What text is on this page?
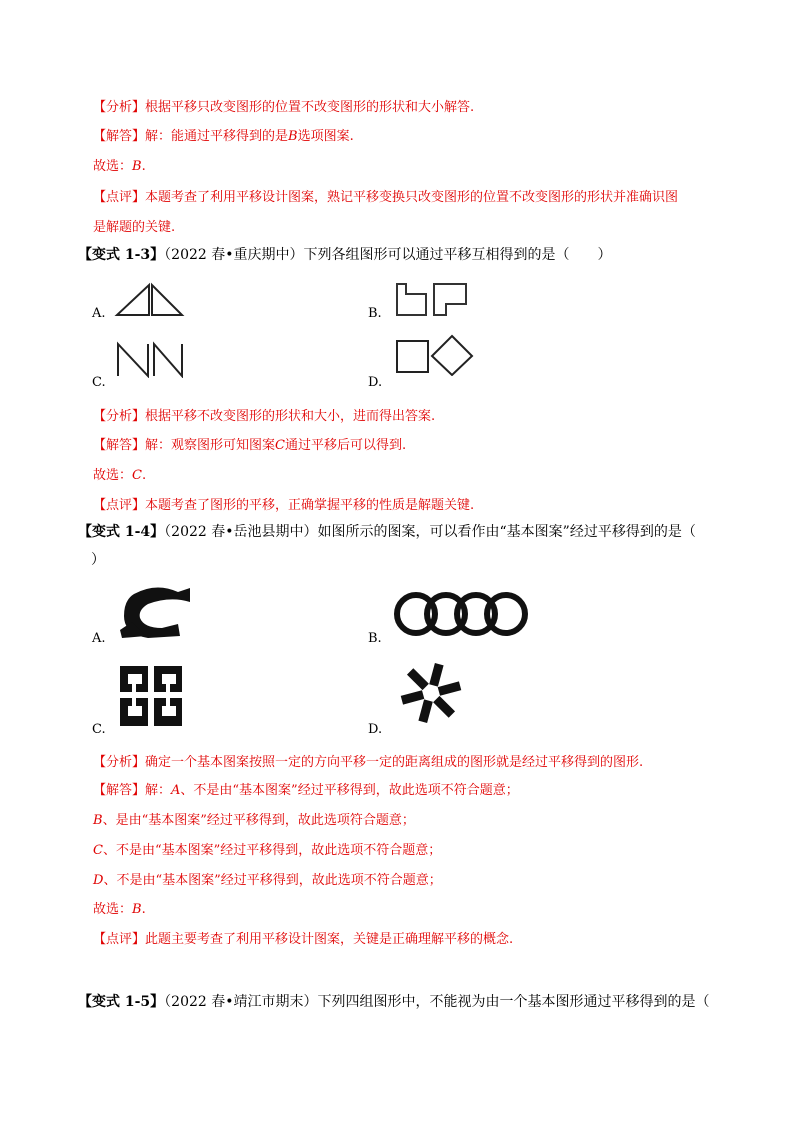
【分析】根据平移只改变图形的位置不改变图形的形状和大小解答.
【解答】解：能通过平移得到的是B选项图案.
故选：B.
【点评】本题考查了利用平移设计图案，熟记平移变换只改变图形的位置不改变图形的形状并准确识图
是解题的关键.
【变式 1-3】（2022 春•重庆期中）下列各组图形可以通过平移互相得到的是（　　）
A.	B.
C.	D.
【分析】根据平移不改变图形的形状和大小，进而得出答案.
【解答】解：观察图形可知图案C通过平移后可以得到.
故选：C.
【点评】本题考查了图形的平移，正确掌握平移的性质是解题关键.
【变式 1-4】（2022 春•岳池县期中）如图所示的图案，可以看作由“基本图案”经过平移得到的是（
）
A.	B.
C.	D.
【分析】确定一个基本图案按照一定的方向平移一定的距离组成的图形就是经过平移得到的图形.
【解答】解：A、不是由“基本图案”经过平移得到，故此选项不符合题意；
B、是由“基本图案”经过平移得到，故此选项符合题意；
C、不是由“基本图案”经过平移得到，故此选项不符合题意；
D、不是由“基本图案”经过平移得到，故此选项不符合题意；
故选：B.
【点评】此题主要考查了利用平移设计图案，关键是正确理解平移的概念.
【变式 1-5】（2022 春•靖江市期末）下列四组图形中，不能视为由一个基本图形通过平移得到的是（
